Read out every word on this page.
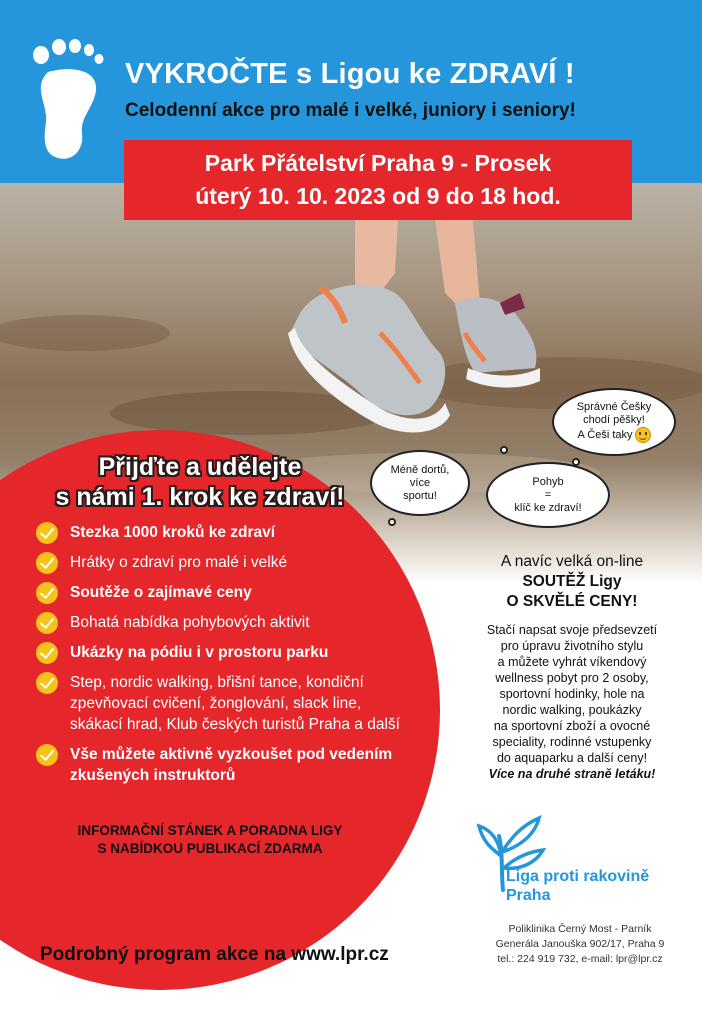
VYKROČTE s Ligou ke ZDRAVÍ !
Celodenní akce pro malé i velké, juniory i seniory!
Park Přátelství Praha 9 - Prosek
úterý 10. 10. 2023 od 9 do 18 hod.
Správné Češky
chodí pěšky!
A Češi taky
Méně dortů,
více
sportu!
Pohyb
=
klíč ke zdraví!
Přijďte a udělejte
s námi 1. krok ke zdraví!
Stezka 1000 kroků ke zdraví
Hrátky o zdraví pro malé i velké
Soutěže o zajímavé ceny
Bohatá nabídka pohybových aktivit
Ukázky na pódiu i v prostoru parku
Step, nordic walking, břišní tance, kondiční zpevňovací cvičení, žonglování, slack line, skákací hrad, Klub českých turistů Praha a další
Vše můžete aktivně vyzkoušet pod vedením zkušených instruktorů
INFORMAČNÍ STÁNEK A PORADNA LIGY
S NABÍDKOU PUBLIKACÍ ZDARMA
A navíc velká on-line
SOUTĚŽ Ligy
O SKVĚLÉ CENY!
Stačí napsat svoje předsevzetí
pro úpravu životního stylu
a můžete vyhrát víkendový
wellness pobyt pro 2 osoby,
sportovní hodinky, hole na
nordic walking, poukázky
na sportovní zboží a ovocné
speciality, rodinné vstupenky
do aquaparku a další ceny!
Více na druhé straně letáku!
Liga proti rakovině
Praha
Poliklinika Černý Most - Parník
Generála Janouška 902/17, Praha 9
tel.: 224 919 732, e-mail: lpr@lpr.cz
Podrobný program akce na www.lpr.cz
